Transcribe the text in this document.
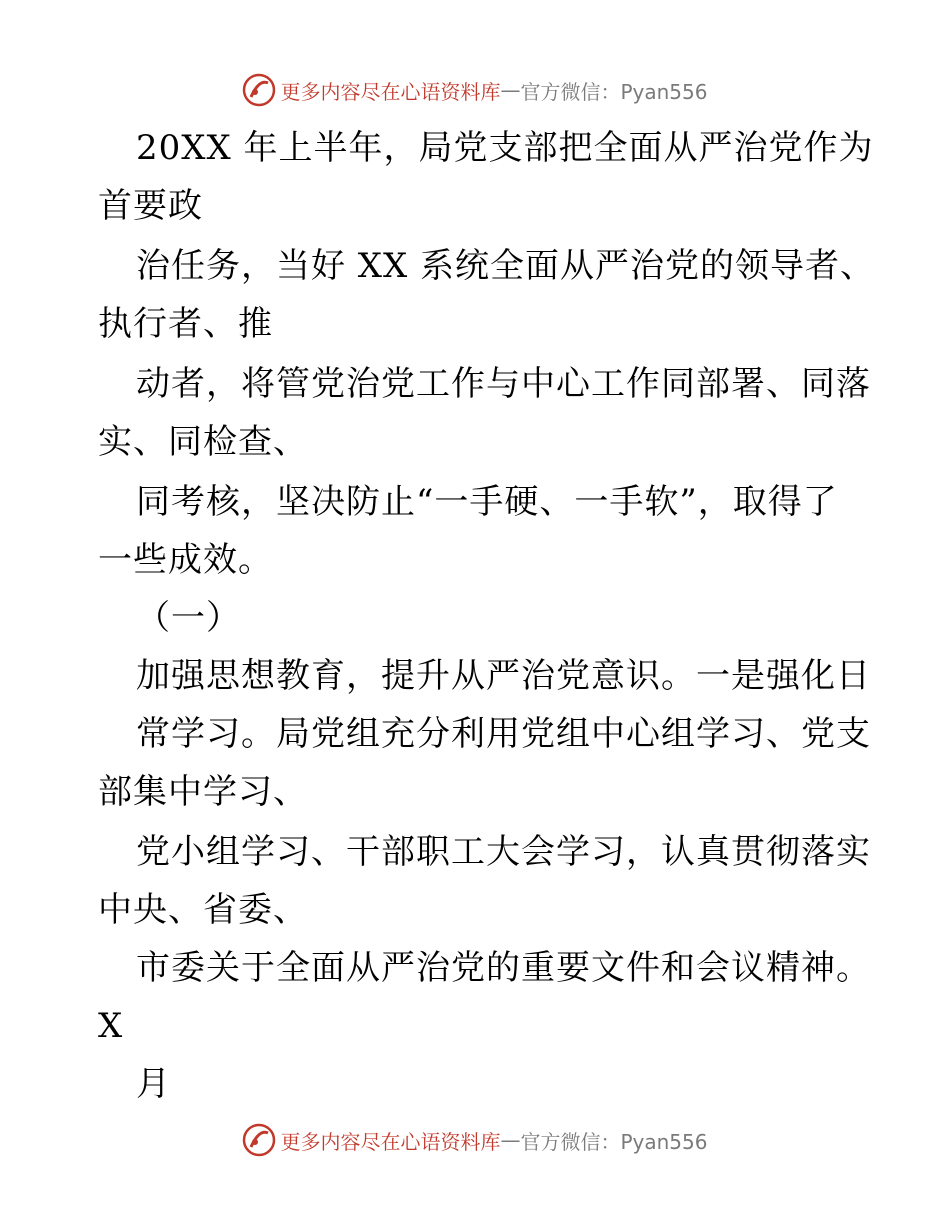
更多内容尽在心语资料库 — 官方微信：Pyan556
20XX 年上半年，局党支部把全面从严治党作为
首要政
治任务，当好 XX 系统全面从严治党的领导者、
执行者、推
动者，将管党治党工作与中心工作同部署、同落
实、同检查、
同考核，坚决防止“一手硬、一手软”，取得了
一些成效。
（一）
加强思想教育，提升从严治党意识。一是强化日
常学习。局党组充分利用党组中心组学习、党支
部集中学习、
党小组学习、干部职工大会学习，认真贯彻落实
中央、省委、
市委关于全面从严治党的重要文件和会议精神。
X
月
更多内容尽在心语资料库 — 官方微信：Pyan556
